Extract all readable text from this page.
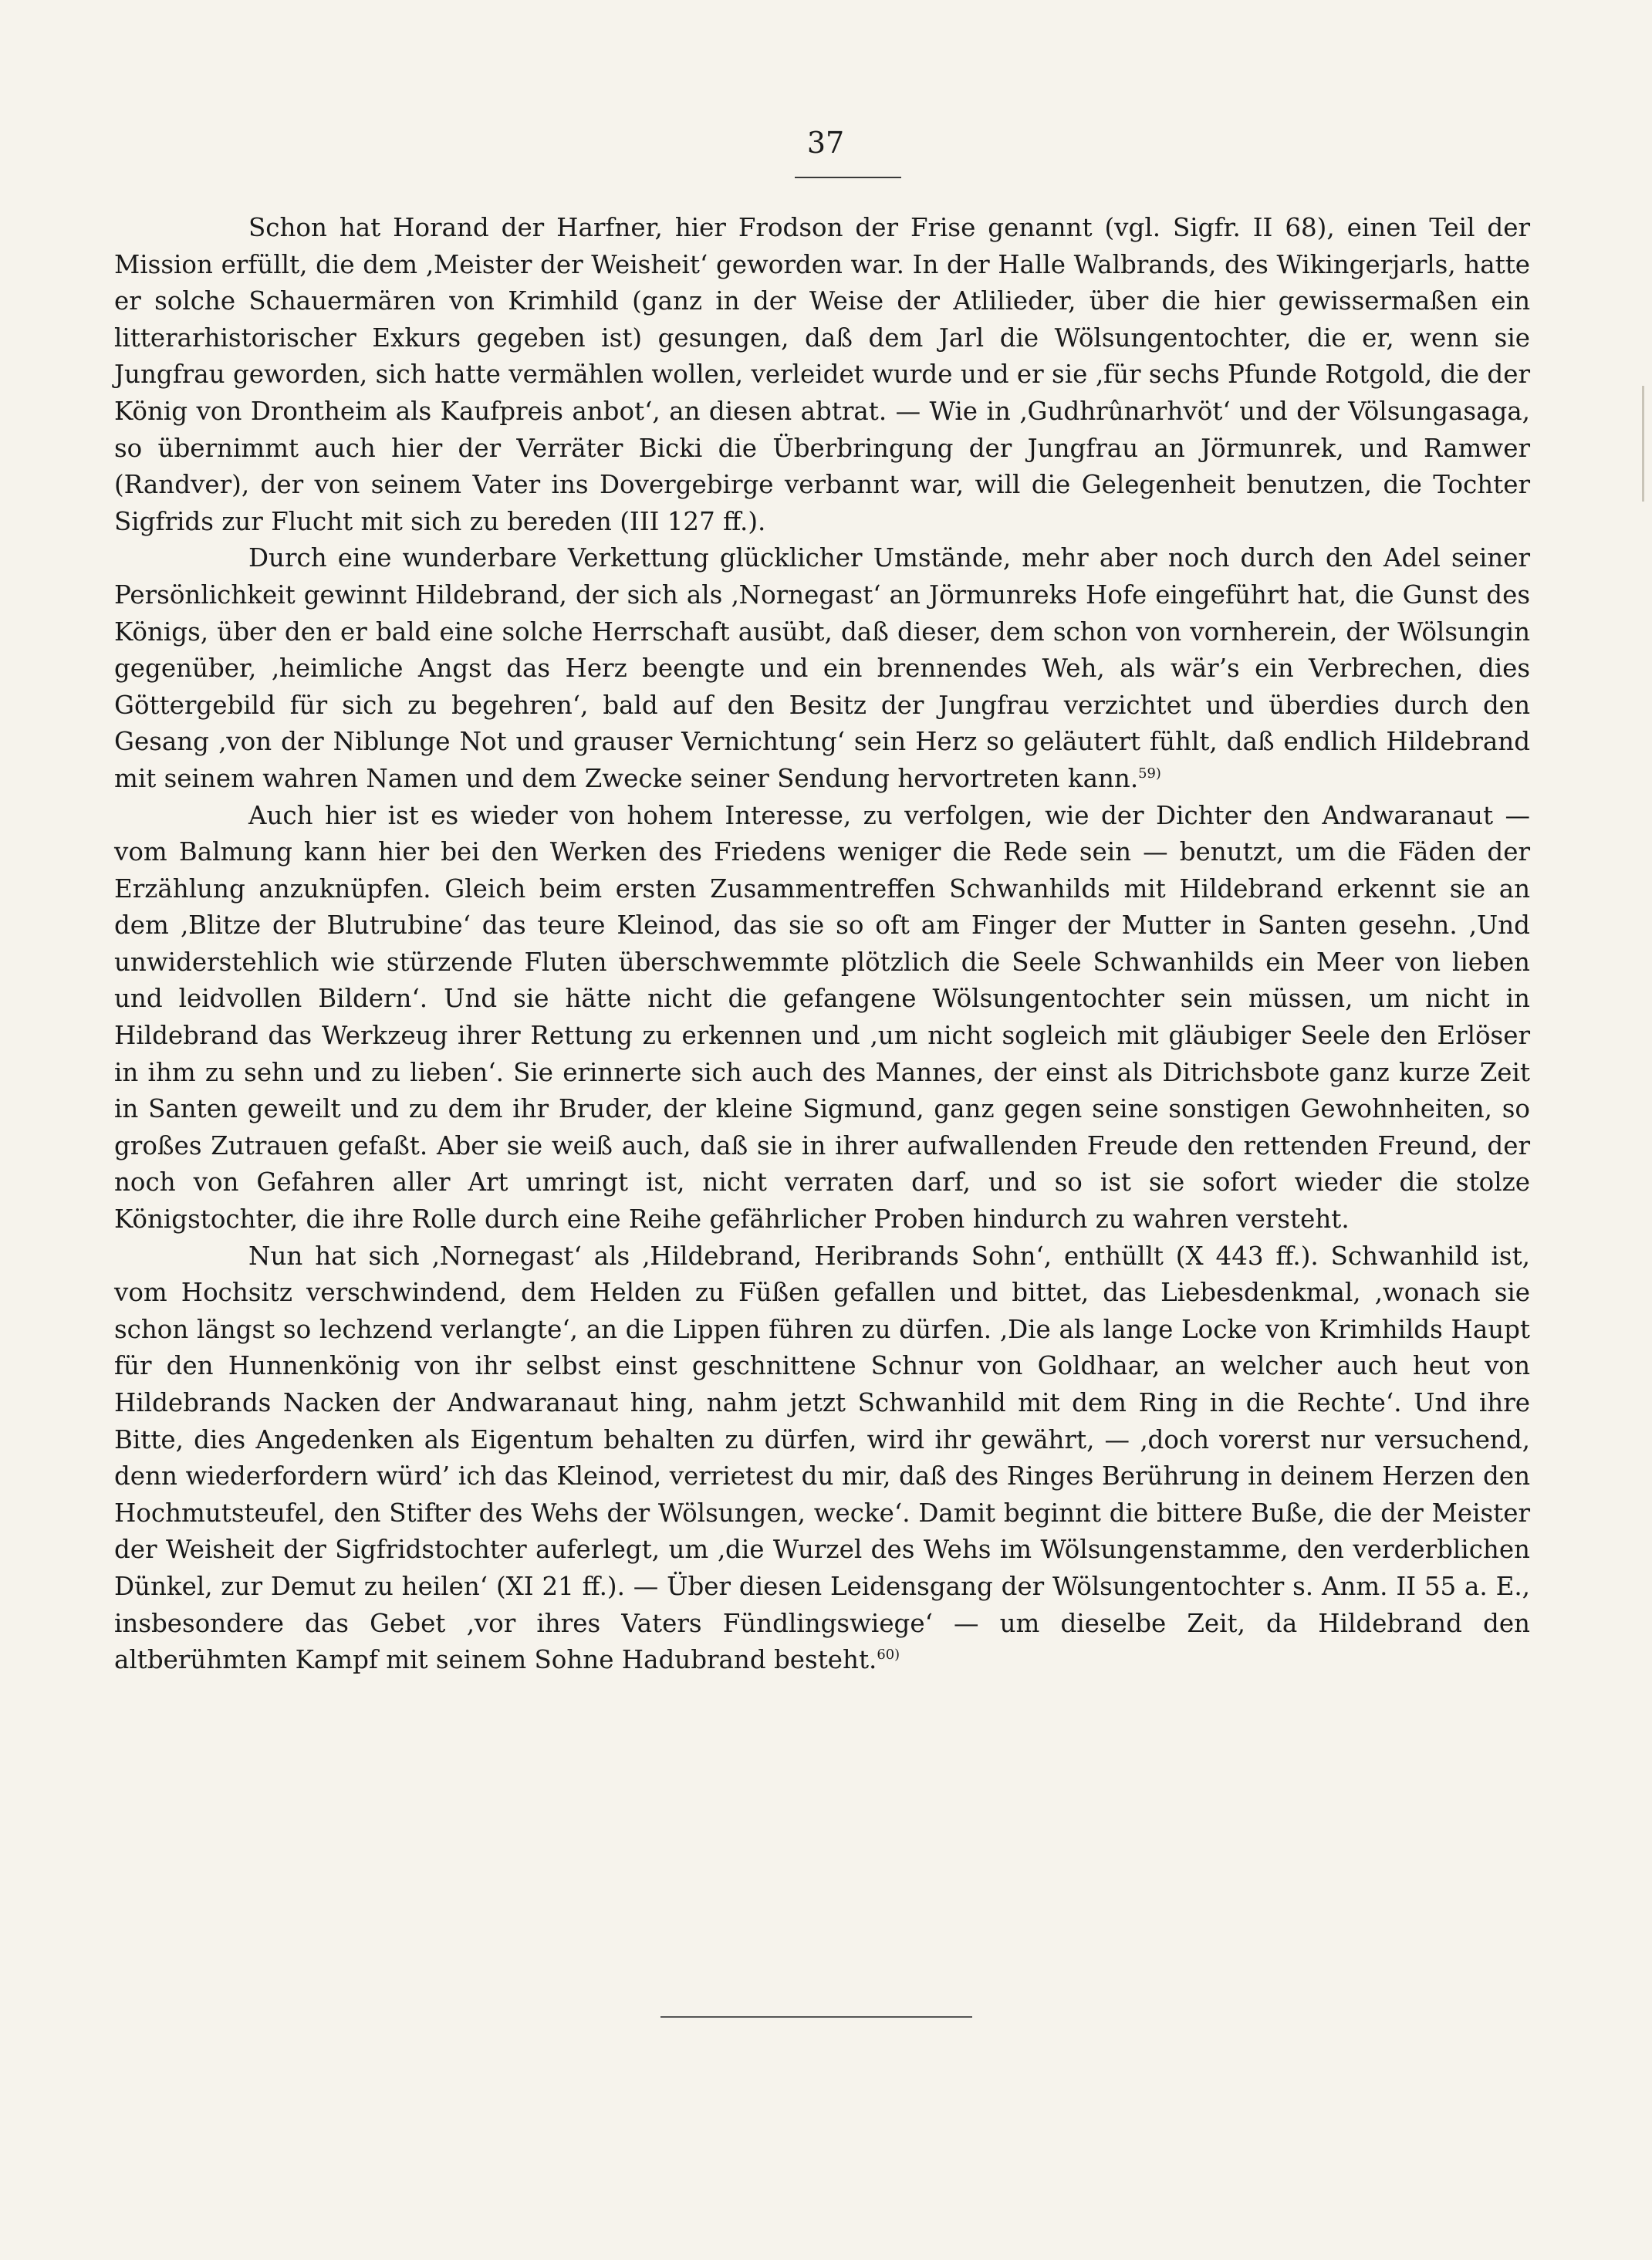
37

Schon hat Horand der Harfner, hier Frodson der Frise genannt (vgl. Sigfr. II 68), einen Teil der Mission erfüllt, die dem ‚Meister der Weisheit‘ geworden war. In der Halle Walbrands, des Wikingerjarls, hatte er solche Schauermären von Krimhild (ganz in der Weise der Atlilieder, über die hier gewissermaßen ein litterarhistorischer Exkurs gegeben ist) gesungen, daß dem Jarl die Wölsungentochter, die er, wenn sie Jungfrau geworden, sich hatte vermählen wollen, verleidet wurde und er sie ‚für sechs Pfunde Rotgold, die der König von Drontheim als Kaufpreis anbot‘, an diesen abtrat. — Wie in ‚Gudhrûnarhvöt‘ und der Völsungasaga, so übernimmt auch hier der Verräter Bicki die Überbringung der Jungfrau an Jörmunrek, und Ramwer (Randver), der von seinem Vater ins Dovergebirge verbannt war, will die Gelegenheit benutzen, die Tochter Sigfrids zur Flucht mit sich zu bereden (III 127 ff.).

Durch eine wunderbare Verkettung glücklicher Umstände, mehr aber noch durch den Adel seiner Persönlichkeit gewinnt Hildebrand, der sich als ‚Nornegast‘ an Jörmunreks Hofe eingeführt hat, die Gunst des Königs, über den er bald eine solche Herrschaft ausübt, daß dieser, dem schon von vornherein, der Wölsungin gegenüber, ‚heimliche Angst das Herz beengte und ein brennendes Weh, als wär’s ein Verbrechen, dies Göttergebild für sich zu begehren‘, bald auf den Besitz der Jungfrau verzichtet und überdies durch den Gesang ‚von der Niblunge Not und grauser Vernichtung‘ sein Herz so geläutert fühlt, daß endlich Hildebrand mit seinem wahren Namen und dem Zwecke seiner Sendung hervortreten kann.$^{59)}$

Auch hier ist es wieder von hohem Interesse, zu verfolgen, wie der Dichter den Andwaranaut — vom Balmung kann hier bei den Werken des Friedens weniger die Rede sein — benutzt, um die Fäden der Erzählung anzuknüpfen. Gleich beim ersten Zusammentreffen Schwanhilds mit Hildebrand erkennt sie an dem ‚Blitze der Blutrubine‘ das teure Kleinod, das sie so oft am Finger der Mutter in Santen gesehn. ‚Und unwiderstehlich wie stürzende Fluten überschwemmte plötzlich die Seele Schwanhilds ein Meer von lieben und leidvollen Bildern‘. Und sie hätte nicht die gefangene Wölsungentochter sein müssen, um nicht in Hildebrand das Werkzeug ihrer Rettung zu erkennen und ‚um nicht sogleich mit gläubiger Seele den Erlöser in ihm zu sehn und zu lieben‘. Sie erinnerte sich auch des Mannes, der einst als Ditrichsbote ganz kurze Zeit in Santen geweilt und zu dem ihr Bruder, der kleine Sigmund, ganz gegen seine sonstigen Gewohnheiten, so großes Zutrauen gefaßt. Aber sie weiß auch, daß sie in ihrer aufwallenden Freude den rettenden Freund, der noch von Gefahren aller Art umringt ist, nicht verraten darf, und so ist sie sofort wieder die stolze Königstochter, die ihre Rolle durch eine Reihe gefährlicher Proben hindurch zu wahren versteht.

Nun hat sich ‚Nornegast‘ als ‚Hildebrand, Heribrands Sohn‘, enthüllt (X 443 ff.). Schwanhild ist, vom Hochsitz verschwindend, dem Helden zu Füßen gefallen und bittet, das Liebesdenkmal, ‚wonach sie schon längst so lechzend verlangte‘, an die Lippen führen zu dürfen. ‚Die als lange Locke von Krimhilds Haupt für den Hunnenkönig von ihr selbst einst geschnittene Schnur von Goldhaar, an welcher auch heut von Hildebrands Nacken der Andwaranaut hing, nahm jetzt Schwanhild mit dem Ring in die Rechte‘. Und ihre Bitte, dies Angedenken als Eigentum behalten zu dürfen, wird ihr gewährt, — ‚doch vorerst nur versuchend, denn wiederfordern würd’ ich das Kleinod, verrietest du mir, daß des Ringes Berührung in deinem Herzen den Hochmutsteufel, den Stifter des Wehs der Wölsungen, wecke‘. Damit beginnt die bittere Buße, die der Meister der Weisheit der Sigfridstochter auferlegt, um ‚die Wurzel des Wehs im Wölsungenstamme, den verderblichen Dünkel, zur Demut zu heilen‘ (XI 21 ff.). — Über diesen Leidensgang der Wölsungentochter s. Anm. II 55 a. E., insbesondere das Gebet ‚vor ihres Vaters Fündlingswiege‘ — um dieselbe Zeit, da Hildebrand den altberühmten Kampf mit seinem Sohne Hadubrand besteht.$^{60)}$
